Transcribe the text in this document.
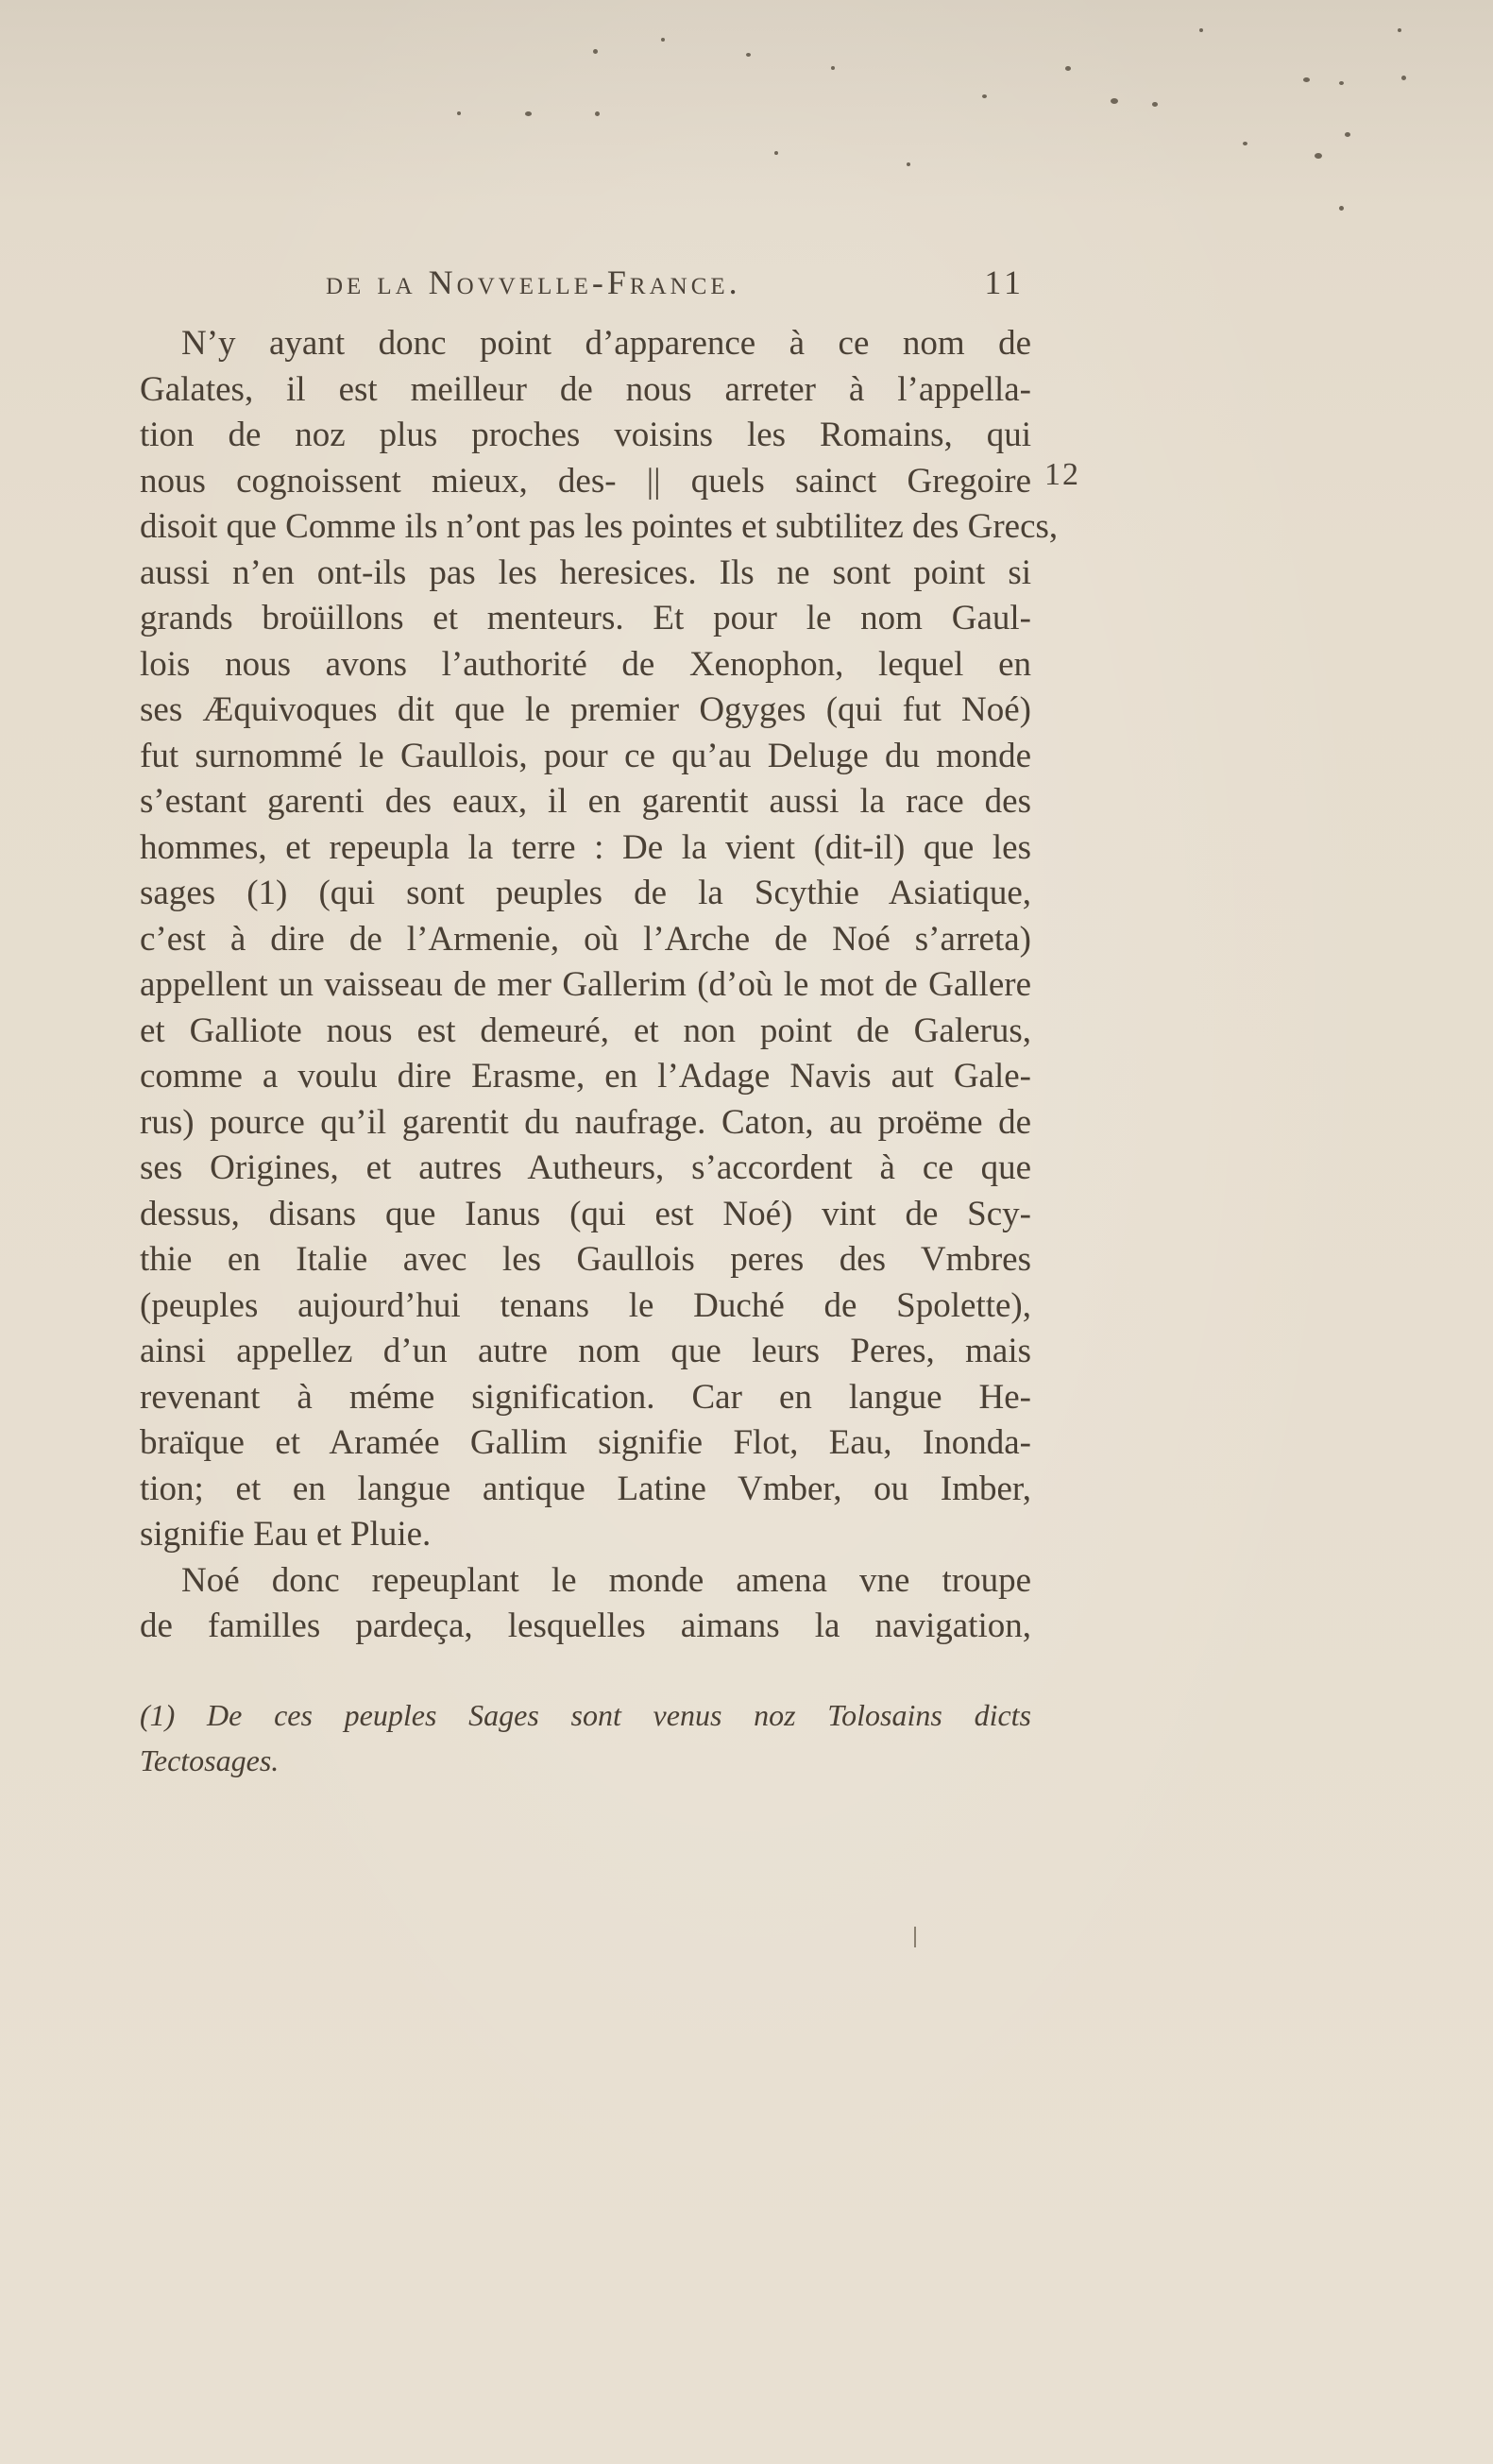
de la Novvelle-France.	11
N’y ayant donc point d’apparence à ce nom de
Galates, il est meilleur de nous arreter à l’appella-
tion de noz plus proches voisins les Romains, qui
nous cognoissent mieux, des- || quels sainct Gregoire
disoit que Comme ils n’ont pas les pointes et subtilitez des Grecs,
aussi n’en ont-ils pas les heresices. Ils ne sont point si
grands broüillons et menteurs. Et pour le nom Gaul-
lois nous avons l’authorité de Xenophon, lequel en
ses Æquivoques dit que le premier Ogyges (qui fut Noé)
fut surnommé le Gaullois, pour ce qu’au Deluge du monde
s’estant garenti des eaux, il en garentit aussi la race des
hommes, et repeupla la terre : De la vient (dit-il) que les
sages (1) (qui sont peuples de la Scythie Asiatique,
c’est à dire de l’Armenie, où l’Arche de Noé s’arreta)
appellent un vaisseau de mer Gallerim (d’où le mot de Gallere
et Galliote nous est demeuré, et non point de Galerus,
comme a voulu dire Erasme, en l’Adage Navis aut Gale-
rus) pource qu’il garentit du naufrage. Caton, au proëme de
ses Origines, et autres Autheurs, s’accordent à ce que
dessus, disans que Ianus (qui est Noé) vint de Scy-
thie en Italie avec les Gaullois peres des Vmbres
(peuples aujourd’hui tenans le Duché de Spolette),
ainsi appellez d’un autre nom que leurs Peres, mais
revenant à méme signification. Car en langue He-
braïque et Aramée Gallim signifie Flot, Eau, Inonda-
tion; et en langue antique Latine Vmber, ou Imber,
signifie Eau et Pluie.
Noé donc repeuplant le monde amena vne troupe
de familles pardeça, lesquelles aimans la navigation,
12
(1) De ces peuples Sages sont venus noz Tolosains dicts
Tectosages.
